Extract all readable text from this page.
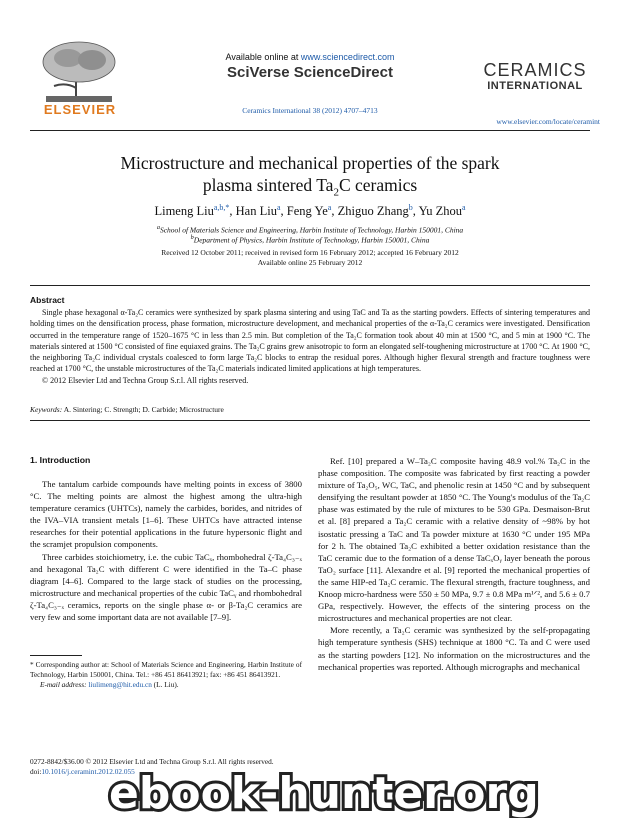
ELSEVIER
Available online at www.sciencedirect.com
SciVerse ScienceDirect
Ceramics International 38 (2012) 4707–4713
CERAMICS
INTERNATIONAL
www.elsevier.com/locate/ceramint
Microstructure and mechanical properties of the spark
plasma sintered $Ta_2C$ ceramics
Limeng Liu$^{a,b,*}$, Han Liu$^a$, Feng Ye$^a$, Zhiguo Zhang$^b$, Yu Zhou$^a$
$^a$School of Materials Science and Engineering, Harbin Institute of Technology, Harbin 150001, China
$^b$Department of Physics, Harbin Institute of Technology, Harbin 150001, China
Received 12 October 2011; received in revised form 16 February 2012; accepted 16 February 2012
Available online 25 February 2012
Abstract
Single phase hexagonal α-Ta₂C ceramics were synthesized by spark plasma sintering and using TaC and Ta as the starting powders. Effects of sintering temperatures and holding times on the densification process, phase formation, microstructure development, and mechanical properties of the α-Ta₂C ceramics were investigated. Densification occurred in the temperature range of 1520–1675 °C in less than 2.5 min. But completion of the Ta₂C formation took about 40 min at 1500 °C, and 5 min at 1900 °C. The materials sintered at 1500 °C consisted of fine equiaxed grains. The Ta₂C grains grew anisotropic to form an elongated self-toughening microstructure at 1700 °C. At 1900 °C, the neighboring Ta₂C individual crystals coalesced to form large Ta₂C blocks to entrap the residual pores. Although higher flexural strength and fracture toughness were reached at 1700 °C, the unstable microstructures of the Ta₂C materials indicated limited applications at high temperatures.
© 2012 Elsevier Ltd and Techna Group S.r.l. All rights reserved.
Keywords: A. Sintering; C. Strength; D. Carbide; Microstructure
1. Introduction

The tantalum carbide compounds have melting points in excess of 3800 °C. The melting points are almost the highest among the ultra-high temperature ceramics (UHTCs), namely the carbides, borides, and nitrides of the IVA–VIA transient metals [1–6]. These UHTCs have attracted intense researches for their potential applications in the future hypersonic flight and the scramjet propulsion components.

Three carbides stoichiometry, i.e. the cubic TaCₓ, rhombohedral ζ-Ta₄C₃₋ₓ and hexagonal Ta₂C with different C were identified in the Ta–C phase diagram [4–6]. Compared to the large stack of studies on the processing, microstructure and mechanical properties of the cubic TaCᵧ and rhombohedral ζ-Ta₄C₃₋ₓ ceramics, reports on the single phase α- or β-Ta₂C ceramics are very few and some important data are not available [7–9].

Ref. [10] prepared a W–Ta₂C composite having 48.9 vol.% Ta₂C in the phase composition. The composite was fabricated by first reacting a powder mixture of Ta₂O₅, WC, TaC, and phenolic resin at 1450 °C and by subsequent densifying the resultant powder at 1850 °C. The Young's modulus of the Ta₂C phase was estimated by the rule of mixtures to be 530 GPa. Desmaison-Brut et al. [8] prepared a Ta₂C ceramic with a relative density of ~98% by hot isostatic pressing a TaC and Ta powder mixture at 1630 °C under 195 MPa for 2 h. The obtained Ta₂C exhibited a better oxidation resistance than the TaC ceramic due to the formation of a dense TaCₓOᵧ layer beneath the porous TaO₂ surface [11]. Alexandre et al. [9] reported the mechanical properties of the same HIP-ed Ta₂C ceramic. The flexural strength, fracture toughness, and Knoop micro-hardness were 550 ± 50 MPa, 9.7 ± 0.8 MPa m¹ᐟ², and 5.6 ± 0.7 GPa, respectively. However, the effects of the sintering process on the microstructures and mechanical properties are not clear.

More recently, a Ta₂C ceramic was synthesized by the self-propagating high temperature synthesis (SHS) technique at 1800 °C. Ta and C were used as the starting powders [12]. No information on the microstructures and the mechanical properties was reported. Although micrographs and mechanical

* Corresponding author at: School of Materials Science and Engineering, Harbin Institute of Technology, Harbin 150001, China. Tel.: +86 451 86413921; fax: +86 451 86413921.
E-mail address: liulimeng@hit.edu.cn (L. Liu).
0272-8842/$36.00 © 2012 Elsevier Ltd and Techna Group S.r.l. All rights reserved.
doi:10.1016/j.ceramint.2012.02.055
ebook-hunter.org
